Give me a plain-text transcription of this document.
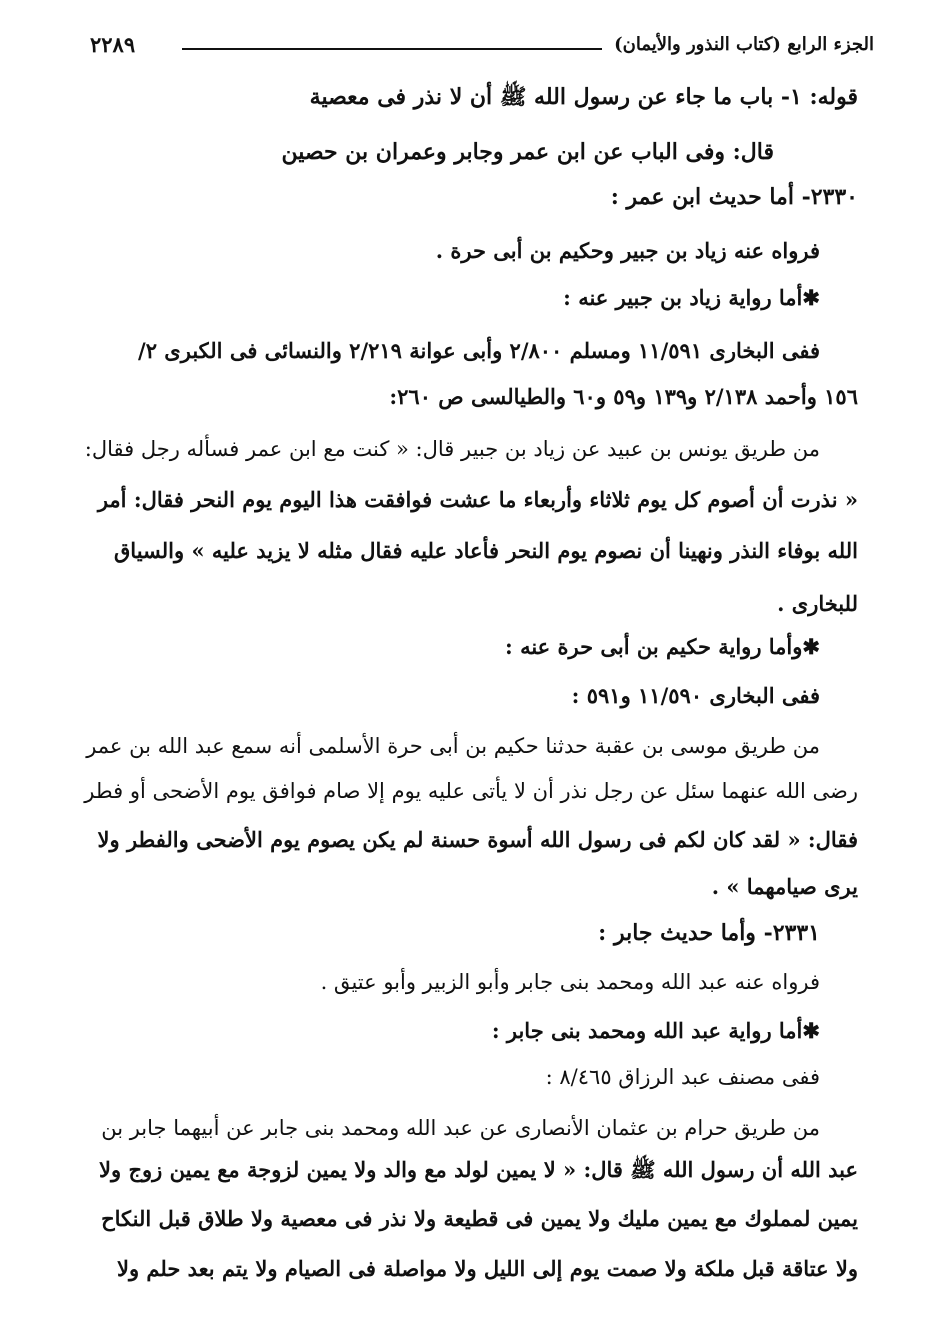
الجزء الرابع (كتاب النذور والأيمان)
٢٢٨٩
قوله: ١- باب ما جاء عن رسول الله ﷺ أن لا نذر فى معصية
قال: وفى الباب عن ابن عمر وجابر وعمران بن حصين
٢٣٣٠- أما حديث ابن عمر :
فرواه عنه زياد بن جبير وحكيم بن أبى حرة .
✱ أما رواية زياد بن جبير عنه :
ففى البخارى ١١/٥٩١ ومسلم ٢/٨٠٠ وأبى عوانة ٢/٢١٩ والنسائى فى الكبرى ٢/
١٥٦ وأحمد ٢/١٣٨ و١٣٩ و٥٩ و٦٠ والطيالسى ص ٢٦٠:
من طريق يونس بن عبيد عن زياد بن جبير قال: « كنت مع ابن عمر فسأله رجل فقال:
« نذرت أن أصوم كل يوم ثلاثاء وأربعاء ما عشت فوافقت هذا اليوم يوم النحر فقال: أمر
الله بوفاء النذر ونهينا أن نصوم يوم النحر فأعاد عليه فقال مثله لا يزيد عليه » والسياق
للبخارى .
✱ وأما رواية حكيم بن أبى حرة عنه :
ففى البخارى ١١/٥٩٠ و٥٩١ :
من طريق موسى بن عقبة حدثنا حكيم بن أبى حرة الأسلمى أنه سمع عبد الله بن عمر
رضى الله عنهما سئل عن رجل نذر أن لا يأتى عليه يوم إلا صام فوافق يوم الأضحى أو فطر
فقال: « لقد كان لكم فى رسول الله أسوة حسنة لم يكن يصوم يوم الأضحى والفطر ولا
يرى صيامهما » .
٢٣٣١- وأما حديث جابر :
فرواه عنه عبد الله ومحمد بنى جابر وأبو الزبير وأبو عتيق .
✱ أما رواية عبد الله ومحمد بنى جابر :
ففى مصنف عبد الرزاق ٨/٤٦٥ :
من طريق حرام بن عثمان الأنصارى عن عبد الله ومحمد بنى جابر عن أبيهما جابر بن
عبد الله أن رسول الله ﷺ قال: « لا يمين لولد مع والد ولا يمين لزوجة مع يمين زوج ولا
يمين لمملوك مع يمين مليك ولا يمين فى قطيعة ولا نذر فى معصية ولا طلاق قبل النكاح
ولا عتاقة قبل ملكة ولا صمت يوم إلى الليل ولا مواصلة فى الصيام ولا يتم بعد حلم ولا
